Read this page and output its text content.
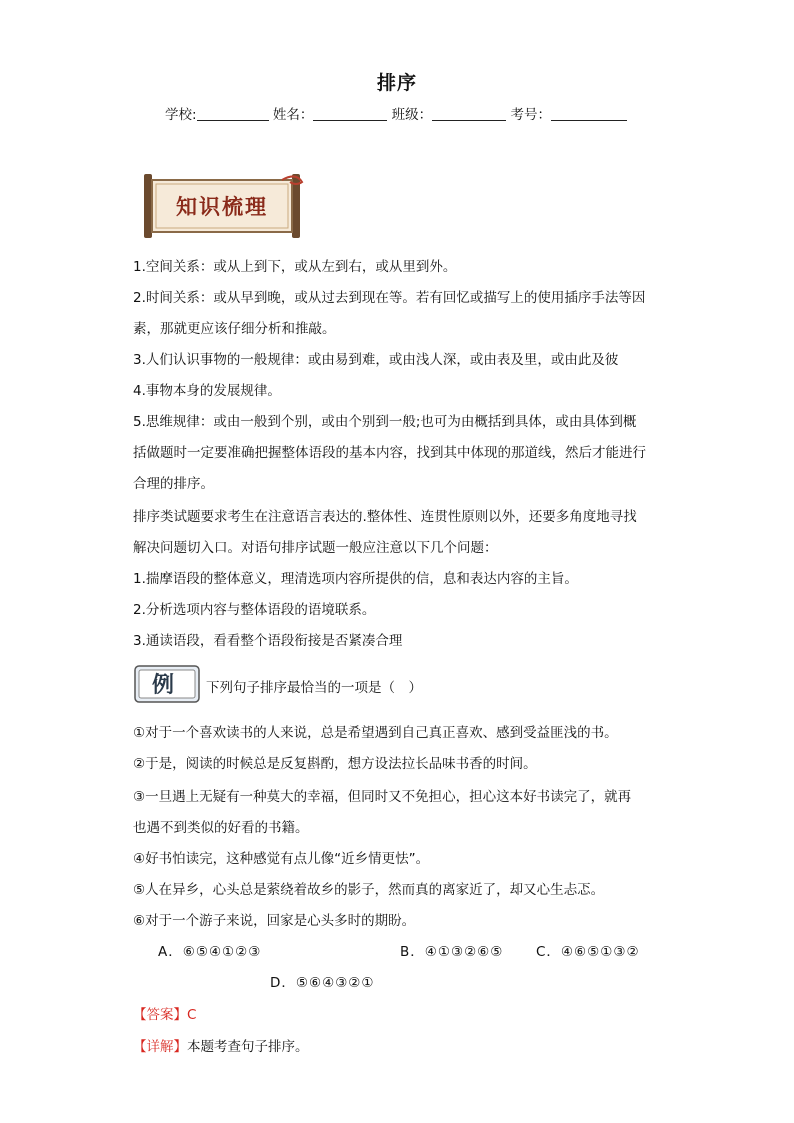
排序
学校:	姓名：	班级：	考号：
知识梳理
1.空间关系：或从上到下，或从左到右，或从里到外。
2.时间关系：或从早到晚，或从过去到现在等。若有回忆或描写上的使用插序手法等因
素，那就更应该仔细分析和推敲。
3.人们认识事物的一般规律：或由易到难，或由浅人深，或由表及里，或由此及彼
4.事物本身的发展规律。
5.思维规律：或由一般到个别，或由个别到一般;也可为由概括到具体，或由具体到概
括做题时一定要准确把握整体语段的基本内容，找到其中体现的那道线，然后才能进行
合理的排序。
排序类试题要求考生在注意语言表达的.整体性、连贯性原则以外，还要多角度地寻找
解决问题切入口。对语句排序试题一般应注意以下几个问题：
1.揣摩语段的整体意义，理清选项内容所提供的信，息和表达内容的主旨。
2.分析选项内容与整体语段的语境联系。
3.通读语段，看看整个语段衔接是否紧凑合理
例 下列句子排序最恰当的一项是（　）
①对于一个喜欢读书的人来说，总是希望遇到自己真正喜欢、感到受益匪浅的书。
②于是，阅读的时候总是反复斟酌，想方设法拉长品味书香的时间。
③一旦遇上无疑有一种莫大的幸福，但同时又不免担心，担心这本好书读完了，就再
也遇不到类似的好看的书籍。
④好书怕读完，这种感觉有点儿像“近乡情更怯”。
⑤人在异乡，心头总是萦绕着故乡的影子，然而真的离家近了，却又心生忐忑。
⑥对于一个游子来说，回家是心头多时的期盼。
A．⑥⑤④①②③	B．④①③②⑥⑤ C．④⑥⑤①③②
D．⑤⑥④③②①
【答案】C
【详解】本题考查句子排序。
